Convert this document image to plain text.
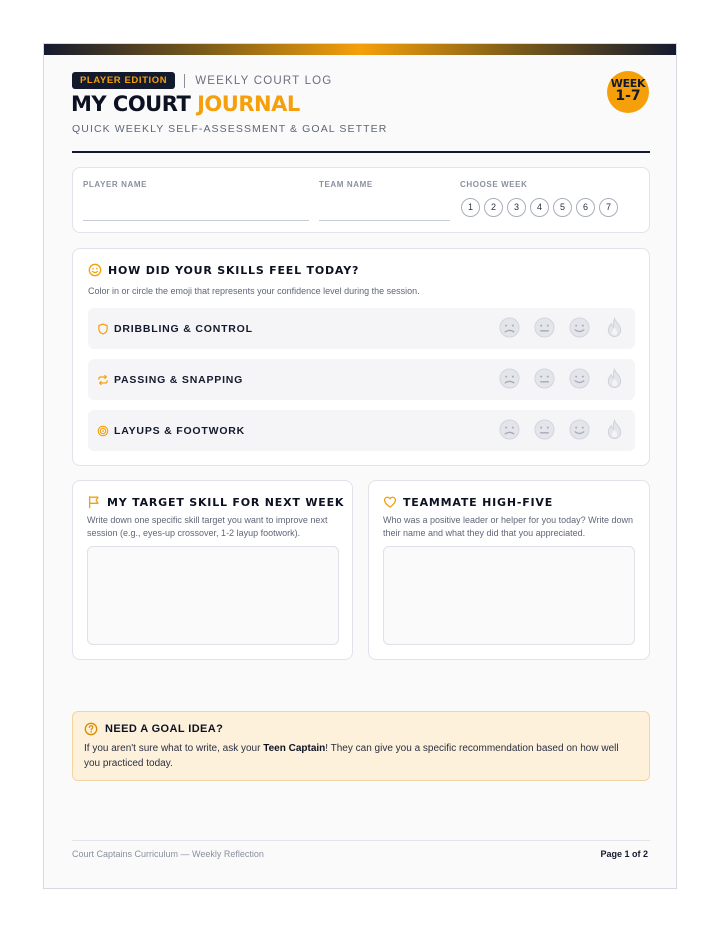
PLAYER EDITION	WEEKLY COURT LOG
MY COURT JOURNAL
QUICK WEEKLY SELF-ASSESSMENT & GOAL SETTER
WEEK
1-7
PLAYER NAME	TEAM NAME	CHOOSE WEEK
1	2	3	4	5	6	7
HOW DID YOUR SKILLS FEEL TODAY?
Color in or circle the emoji that represents your confidence level during the session.
DRIBBLING & CONTROL
PASSING & SNAPPING
LAYUPS & FOOTWORK
MY TARGET SKILL FOR NEXT WEEK
Write down one specific skill target you want to improve next session (e.g., eyes-up crossover, 1-2 layup footwork).
TEAMMATE HIGH-FIVE
Who was a positive leader or helper for you today? Write down their name and what they did that you appreciated.
NEED A GOAL IDEA?
If you aren't sure what to write, ask your Teen Captain! They can give you a specific recommendation based on how well you practiced today.
Court Captains Curriculum — Weekly Reflection	Page 1 of 2
